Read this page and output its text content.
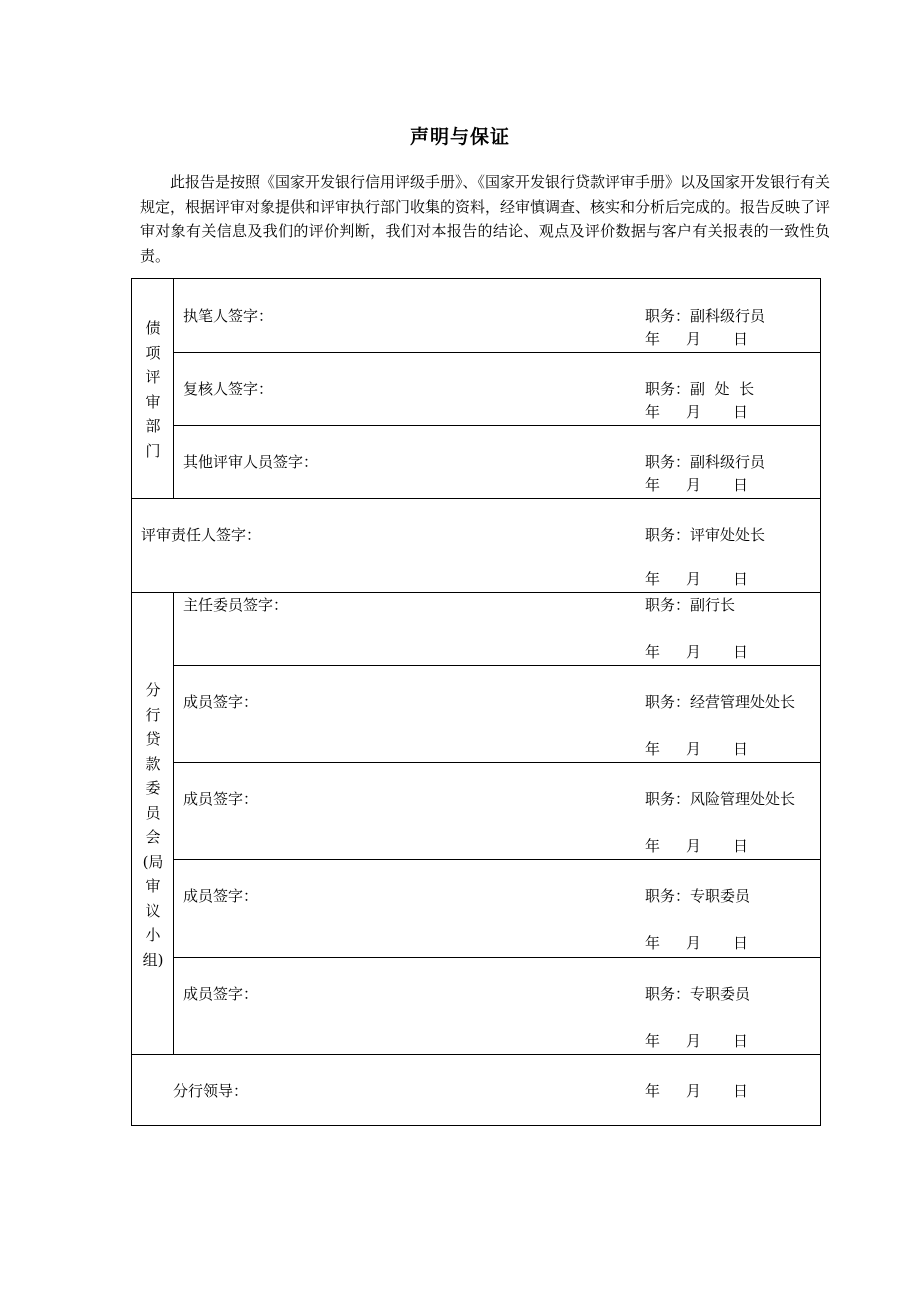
声明与保证

此报告是按照《国家开发银行信用评级手册》、《国家开发银行贷款评审手册》以及国家开发银行有关规定，根据评审对象提供和评审执行部门收集的资料，经审慎调查、核实和分析后完成的。报告反映了评审对象有关信息及我们的评价判断，我们对本报告的结论、观点及评价数据与客户有关报表的一致性负责。

债项评审部门
分行贷款委员会(局审议小组)
执笔人签字：	职务：副科级行员
年 月 日
复核人签字：	职务：副  处  长
年 月 日
其他评审人员签字：	职务：副科级行员
年 月 日
评审责任人签字：	职务：评审处处长
年 月 日
主任委员签字：	职务：副行长
年 月 日
成员签字：	职务：经营管理处处长
年 月 日
成员签字：	职务：风险管理处处长
年 月 日
成员签字：	职务：专职委员
年 月 日
成员签字：	职务：专职委员
年 月 日
分行领导：	年 月 日
